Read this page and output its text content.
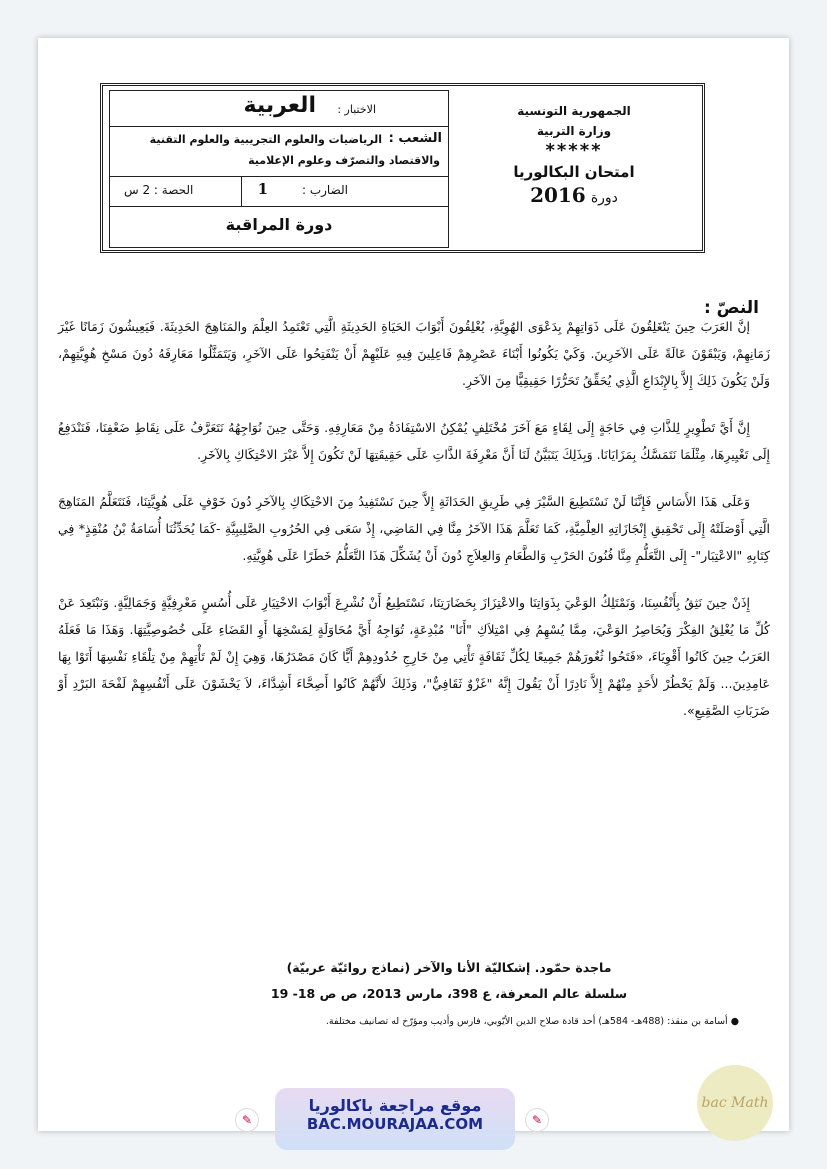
الجمهورية التونسية
وزارة التربية
*****
امتحان البكالوريا
دورة 2016
الاختبار :
العربية
الشعب :
الرياضيات والعلوم التجريبية والعلوم التقنية
والاقتصاد والتصرّف وعلوم الإعلامية
الضارب :
1
الحصة : 2 س
دورة المراقبة
النصّ :

إنَّ العَرَبَ حِينَ يَنْغَلِقُونَ عَلَى ذَوَاتِهِمْ بِدَعْوَى الهُوِيَّةِ، يُغْلِقُونَ أَبْوَابَ الحَيَاةِ الحَدِيثَةِ الَّتِي تَعْتَمِدُ العِلْمَ والمَنَاهِجَ الحَدِيثَةَ. فَيَعِيشُونَ زَمَانًا غَيْرَ زَمَانِهِمْ، وَيَبْقَوْنَ عَالَةً عَلَى الآخَرِينَ. وَكَيْ يَكُونُوا أَبْنَاءَ عَصْرِهِمْ فَاعِلِينَ فِيهِ عَلَيْهِمْ أَنْ يَنْفَتِحُوا عَلَى الآخَرِ، وَيَتَمَثَّلُوا مَعَارِفَهُ دُونَ مَسْخِ هُوِيَّتِهِمْ، وَلَنْ يَكُونَ ذَلِكَ إِلاَّ بِالإِبْدَاعِ الَّذِي يُحَقِّقُ تَحَرُّرًا حَقِيقِيًّا مِنَ الآخَرِ.

إِنَّ أَيَّ تَطْوِيرٍ لِلذَّاتِ فِي حَاجَةٍ إِلَى لِقَاءٍ مَعَ آخَرَ مُخْتَلِفٍ يُمْكِنُ الاسْتِفَادَةُ مِنْ مَعَارِفِهِ. وَحَتَّى حِينَ نُوَاجِهُهُ نَتَعَرَّفُ عَلَى نِقَاطِ ضَعْفِنَا، فَنَنْدَفِعُ إِلَى تَغْيِيرِهَا، مِثْلَمَا نَتَمَسَّكُ بِمَزَايَانَا. وَبِذَلِكَ يَتَبَيَّنُ لَنَا أَنَّ مَعْرِفَةَ الذَّاتِ عَلَى حَقِيقَتِهَا لَنْ تَكُونَ إِلاَّ عَبْرَ الاحْتِكَاكِ بِالآخَرِ.

وَعَلَى هَذَا الأَسَاسِ فَإِنَّنَا لَنْ نَسْتَطِيعَ السَّيْرَ فِي طَرِيقِ الحَدَاثَةِ إِلاَّ حِينَ نَسْتَفِيدُ مِنَ الاحْتِكَاكِ بِالآخَرِ دُونَ خَوْفٍ عَلَى هُوِيَّتِنَا، فَنَتَعَلَّمُ المَنَاهِجَ الَّتِي أَوْصَلَتْهُ إِلَى تَحْقِيقِ إِنْجَازَاتِهِ العِلْمِيَّةِ، كَمَا تَعَلَّمَ هَذَا الآخَرُ مِنَّا فِي المَاضِي، إِذْ سَعَى فِي الحُرُوبِ الصَّلِيبِيَّةِ -كَمَا يُحَدِّثُنَا أُسَامَةُ بْنُ مُنْقِذٍ* فِي كِتَابِهِ "الاعْتِبَار"- إِلَى التَّعَلُّمِ مِنَّا فُنُونَ الحَرْبِ وَالطَّعَامِ وَالعِلاَجِ دُونَ أَنْ يُشَكِّلَ هَذَا التَّعَلُّمُ خَطَرًا عَلَى هُوِيَّتِهِ.

إِذَنْ حِينَ نَثِقُ بِأَنْفُسِنَا، وَنَمْتَلِكُ الوَعْيَ بِذَوَاتِنَا والاعْتِزَازَ بِحَضَارَتِنَا، نَسْتَطِيعُ أَنْ نُشْرِعَ أَبْوَابَ الاخْتِيَارِ عَلَى أُسُسٍ مَعْرِفِيَّةٍ وَجَمَالِيَّةٍ. وَنَبْتَعِدَ عَنْ كُلِّ مَا يُغْلِقُ الفِكْرَ وَيُحَاصِرُ الوَعْيَ، مِمَّا يُسْهِمُ فِي امْتِلاَكِ "أَنَا" مُبْدِعَةٍ، تُوَاجِهُ أَيَّ مُحَاوَلَةٍ لِمَسْخِهَا أَوِ القَضَاءِ عَلَى خُصُوصِيَّتِهَا. وَهَذَا مَا فَعَلَهُ العَرَبُ حِينَ كَانُوا أَقْوِيَاءَ، «فَتَحُوا ثُغُورَهُمْ جَمِيعًا لِكُلِّ ثَقَافَةٍ تَأْتِي مِنْ خَارِجِ حُدُودِهِمْ أَيًّا كَانَ مَصْدَرُهَا، وَهِيَ إِنْ لَمْ تَأْتِهِمْ مِنْ تِلْقَاءِ نَفْسِهَا أَتَوْا بِهَا عَامِدِينَ... وَلَمْ يَخْطُرْ لأَحَدٍ مِنْهُمْ إِلاَّ نَادِرًا أَنْ يَقُولَ إِنَّهُ "غَزْوٌ ثَقَافِيٌّ"، وَذَلِكَ لأَنَّهُمْ كَانُوا أَصِحَّاءَ أَشِدَّاءَ، لاَ يَخْشَوْنَ عَلَى أَنْفُسِهِمْ لَفْحَةَ البَرْدِ أَوْ ضَرَبَاتِ الصَّقِيعِ».

ماجدة حمّود. إشكاليّة الأنا والآخر (نماذج روائيّة عربيّة)
سلسلة عالم المعرفة، ع 398، مارس 2013، ص ص 18- 19
● أسامة بن منقذ: (488هـ- 584هـ) أحد قادة صلاح الدين الأيّوبي، فارس وأديب ومؤرّخ له تصانيف مختلفة.
✎	✎
موقع مراجعة باكالوريا
BAC.MOURAJAA.COM
bac Math
